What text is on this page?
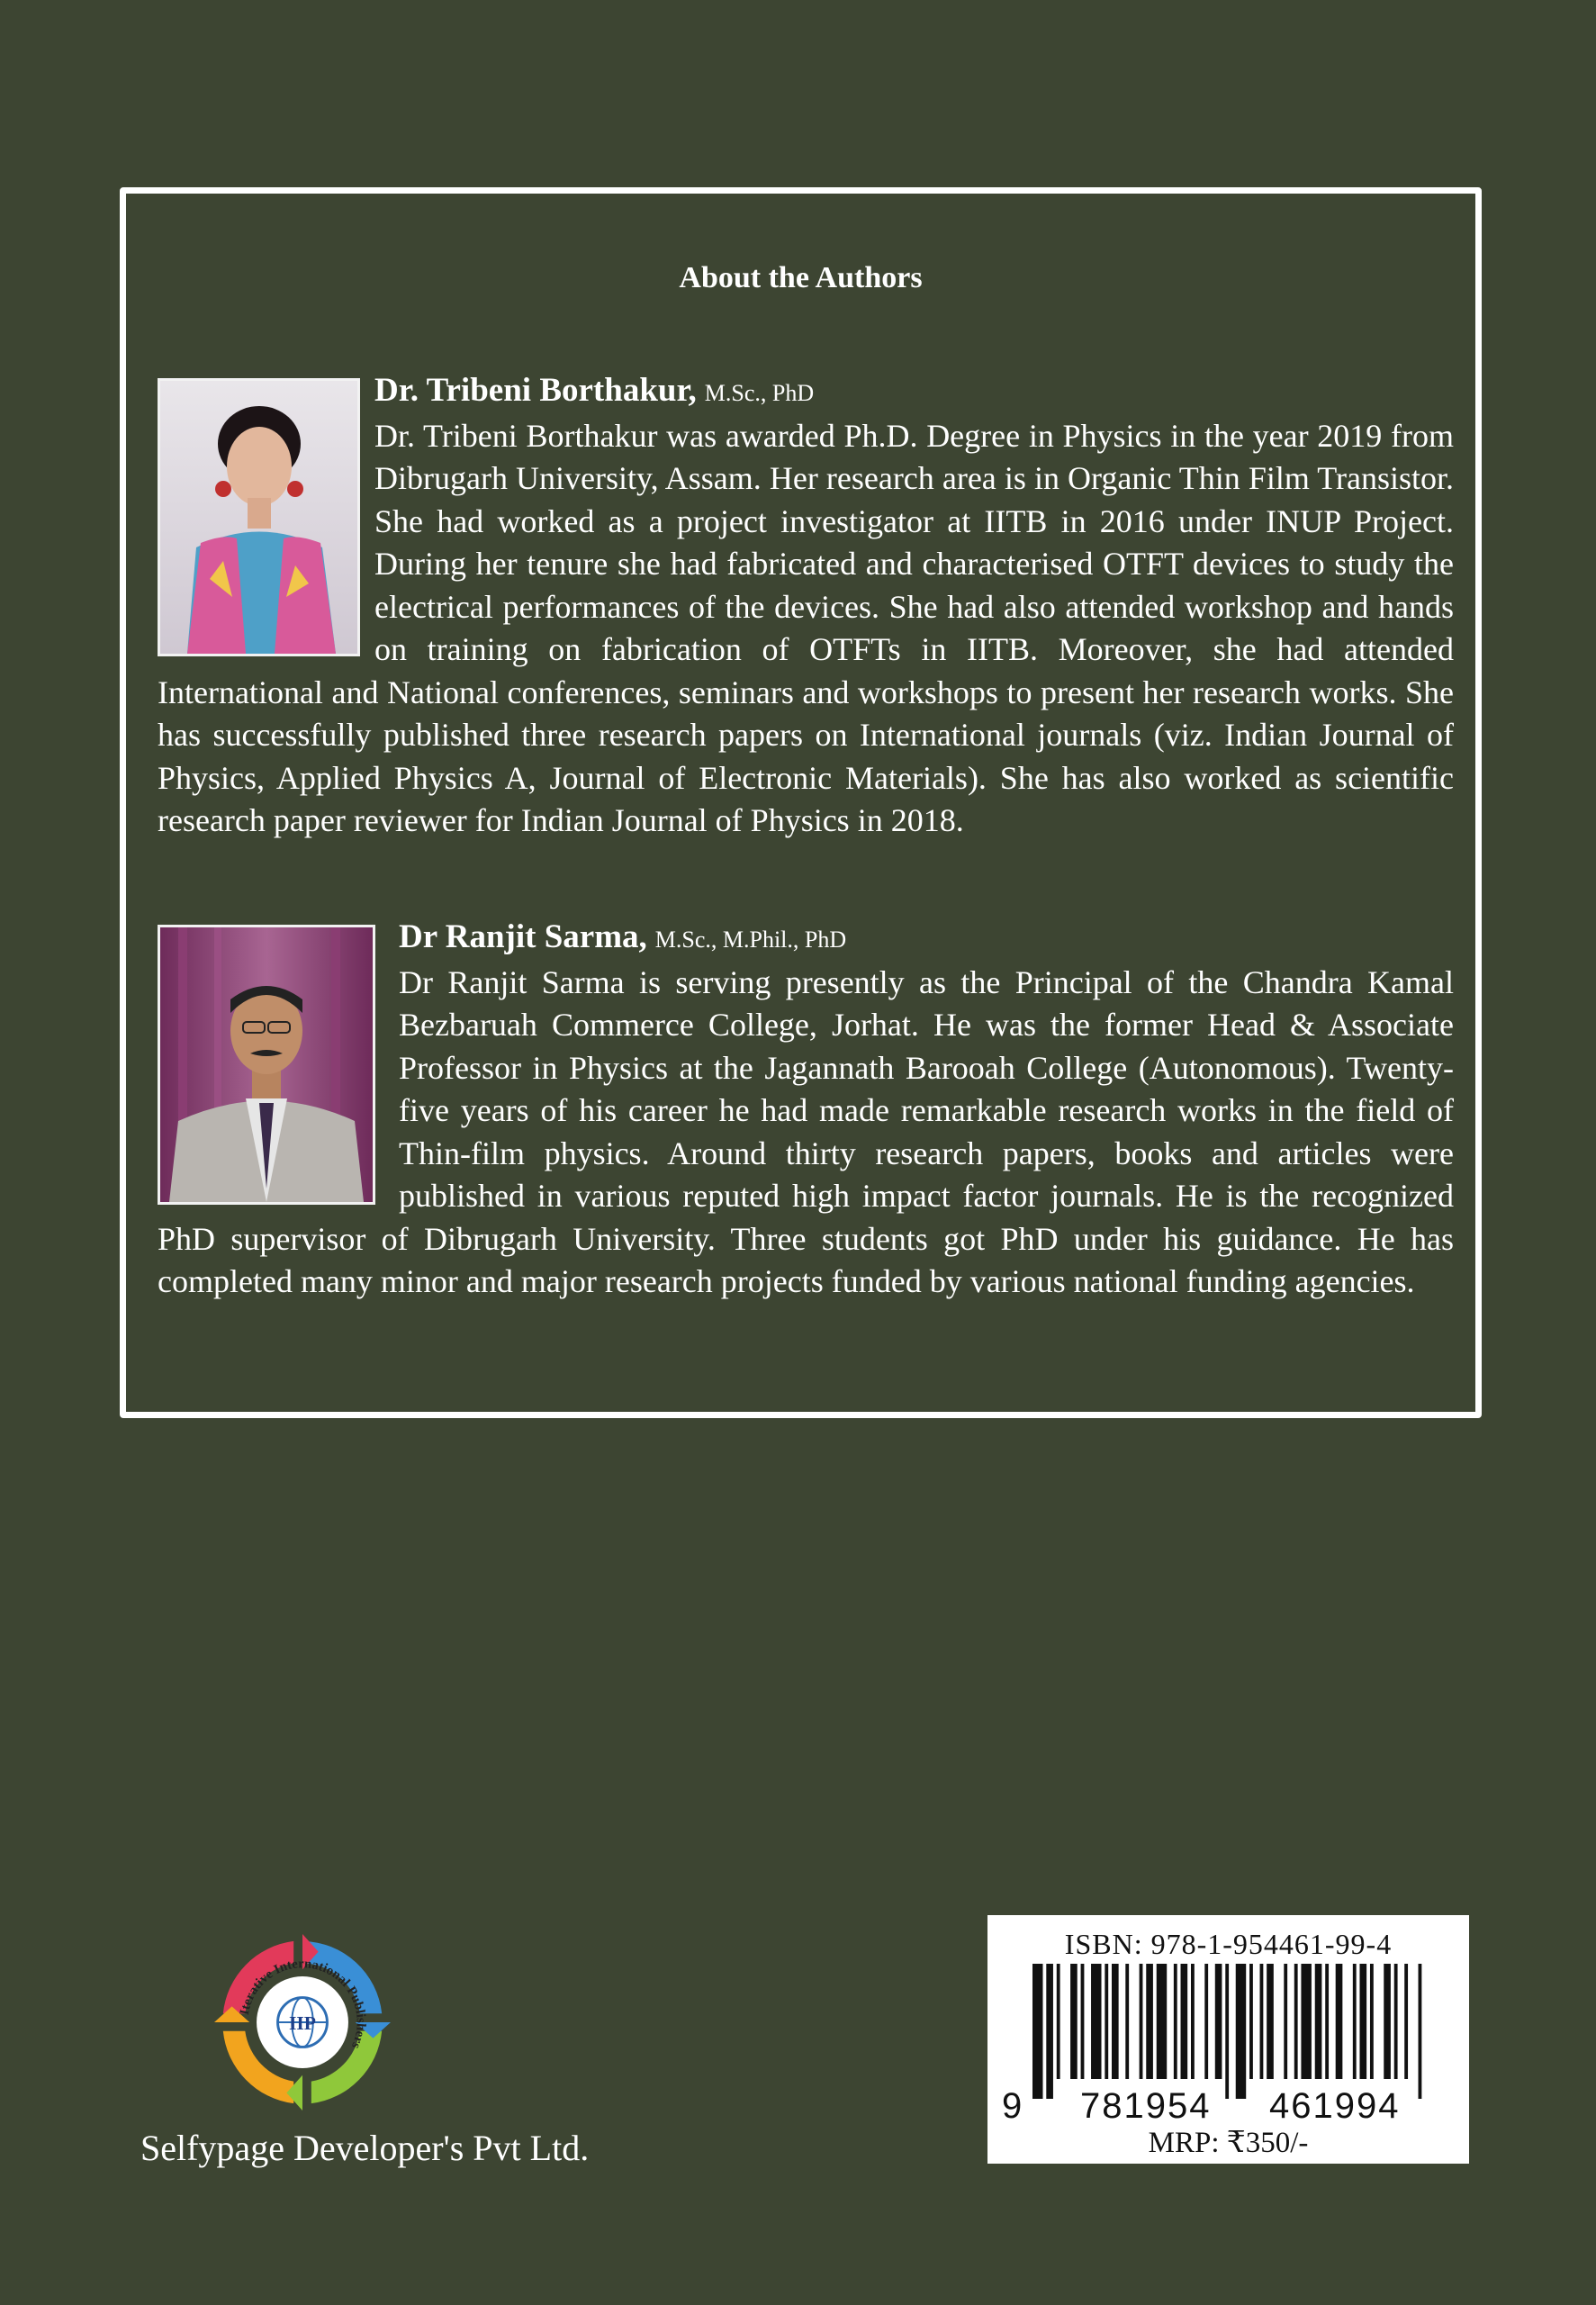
About the Authors
Dr. Tribeni Borthakur, M.Sc., PhD
Dr. Tribeni Borthakur was awarded Ph.D. Degree in Physics in the year 2019 from Dibrugarh University, Assam. Her research area is in Organic Thin Film Transistor. She had worked as a project investigator at IITB in 2016 under INUP Project. During her tenure she had fabricated and characterised OTFT devices to study the electrical performances of the devices. She had also attended workshop and hands on training on fabrication of OTFTs in IITB. Moreover, she had attended International and National conferences, seminars and workshops to present her research works. She has successfully published three research papers on International journals (viz. Indian Journal of Physics, Applied Physics A, Journal of Electronic Materials). She has also worked as scientific research paper reviewer for Indian Journal of Physics in 2018.
Dr Ranjit Sarma, M.Sc., M.Phil., PhD
Dr Ranjit Sarma is serving presently as the Principal of the Chandra Kamal Bezbaruah Commerce College, Jorhat. He was the former Head & Associate Professor in Physics at the Jagannath Barooah College (Autonomous). Twenty-five years of his career he had made remarkable research works in the field of Thin-film physics. Around thirty research papers, books and articles were published in various reputed high impact factor journals. He is the recognized PhD supervisor of Dibrugarh University. Three students got PhD under his guidance. He has completed many minor and major research projects funded by various national funding agencies.
Iterative International Publishers
IIP
Selfypage Developer's Pvt Ltd.
ISBN: 978-1-954461-99-4
9 781954 461994
MRP: ₹350/-
